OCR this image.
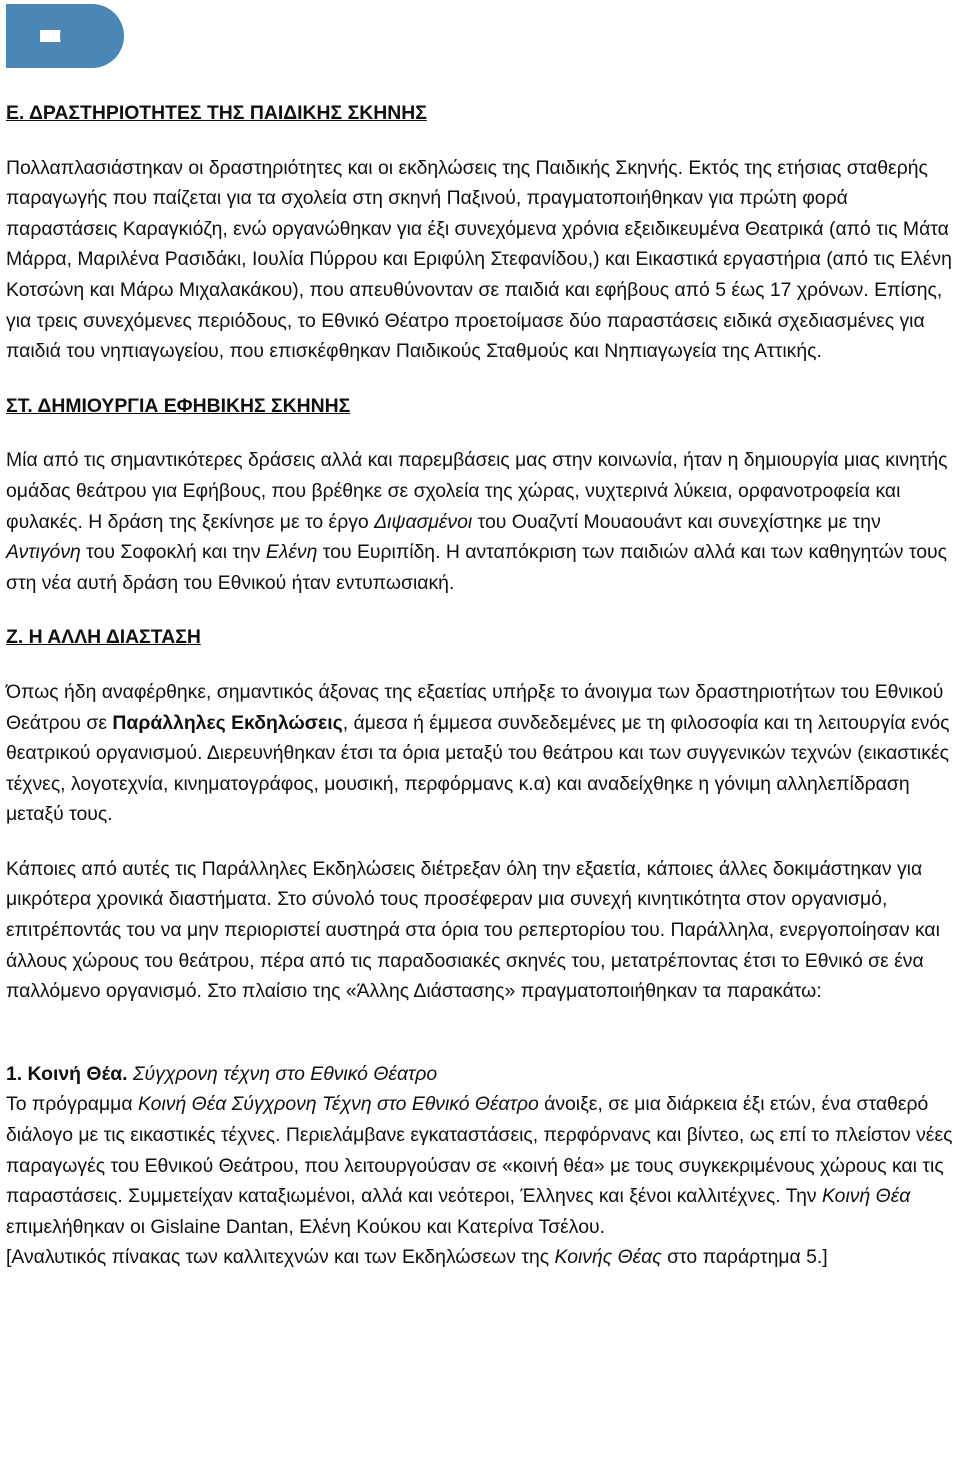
Ε. ΔΡΑΣΤΗΡΙΟΤΗΤΕΣ ΤΗΣ ΠΑΙΔΙΚΗΣ ΣΚΗΝΗΣ

Πολλαπλασιάστηκαν οι δραστηριότητες και οι εκδηλώσεις της Παιδικής Σκηνής. Εκτός της ετήσιας σταθερής παραγωγής που παίζεται για τα σχολεία στη σκηνή Παξινού, πραγματοποιήθηκαν για πρώτη φορά παραστάσεις Καραγκιόζη, ενώ οργανώθηκαν για έξι συνεχόμενα χρόνια εξειδικευμένα Θεατρικά (από τις Μάτα Μάρρα, Μαριλένα Ρασιδάκι, Ιουλία Πύρρου και Εριφύλη Στεφανίδου,) και Εικαστικά εργαστήρια (από τις Ελένη Κοτσώνη και Μάρω Μιχαλακάκου), που απευθύνονταν σε παιδιά και εφήβους από 5 έως 17 χρόνων. Επίσης, για τρεις συνεχόμενες περιόδους, το Εθνικό Θέατρο προετοίμασε δύο παραστάσεις ειδικά σχεδιασμένες για παιδιά του νηπιαγωγείου, που επισκέφθηκαν Παιδικούς Σταθμούς και Νηπιαγωγεία της Αττικής.

ΣΤ. ΔΗΜΙΟΥΡΓΙΑ ΕΦΗΒΙΚΗΣ ΣΚΗΝΗΣ

Μία από τις σημαντικότερες δράσεις αλλά και παρεμβάσεις μας στην κοινωνία, ήταν η δημιουργία μιας κινητής ομάδας θεάτρου για Εφήβους, που βρέθηκε σε σχολεία της χώρας, νυχτερινά λύκεια, ορφανοτροφεία και φυλακές. Η δράση της ξεκίνησε με το έργο Διψασμένοι του Ουαζντί Μουαουάντ και συνεχίστηκε με την Αντιγόνη του Σοφοκλή και την Ελένη του Ευριπίδη. Η ανταπόκριση των παιδιών αλλά και των καθηγητών τους στη νέα αυτή δράση του Εθνικού ήταν εντυπωσιακή.

Ζ. Η ΑΛΛΗ ΔΙΑΣΤΑΣΗ

Όπως ήδη αναφέρθηκε, σημαντικός άξονας της εξαετίας υπήρξε το άνοιγμα των δραστηριοτήτων του Εθνικού Θεάτρου σε Παράλληλες Εκδηλώσεις, άμεσα ή έμμεσα συνδεδεμένες με τη φιλοσοφία και τη λειτουργία ενός θεατρικού οργανισμού. Διερευνήθηκαν έτσι τα όρια μεταξύ του θεάτρου και των συγγενικών τεχνών (εικαστικές τέχνες, λογοτεχνία, κινηματογράφος, μουσική, περφόρμανς κ.α) και αναδείχθηκε η γόνιμη αλληλεπίδραση μεταξύ τους.

Κάποιες από αυτές τις Παράλληλες Εκδηλώσεις διέτρεξαν όλη την εξαετία, κάποιες άλλες δοκιμάστηκαν για μικρότερα χρονικά διαστήματα. Στο σύνολό τους προσέφεραν μια συνεχή κινητικότητα στον οργανισμό, επιτρέποντάς του να μην περιοριστεί αυστηρά στα όρια του ρεπερτορίου του. Παράλληλα, ενεργοποίησαν και άλλους χώρους του θεάτρου, πέρα από τις παραδοσιακές σκηνές του, μετατρέποντας έτσι το Εθνικό σε ένα παλλόμενο οργανισμό. Στο πλαίσιο της «Άλλης Διάστασης» πραγματοποιήθηκαν τα παρακάτω:

1. Κοινή Θέα. Σύγχρονη τέχνη στο Εθνικό Θέατρο

Το πρόγραμμα Κοινή Θέα Σύγχρονη Τέχνη στο Εθνικό Θέατρο άνοιξε, σε μια διάρκεια έξι ετών, ένα σταθερό διάλογο με τις εικαστικές τέχνες. Περιελάμβανε εγκαταστάσεις, περφόρνανς και βίντεο, ως επί το πλείστον νέες παραγωγές του Εθνικού Θεάτρου, που λειτουργούσαν σε «κοινή θέα» με τους συγκεκριμένους χώρους και τις παραστάσεις. Συμμετείχαν καταξιωμένοι, αλλά και νεότεροι, Έλληνες και ξένοι καλλιτέχνες. Την Κοινή Θέα επιμελήθηκαν οι Gislaine Dantan, Ελένη Κούκου και Κατερίνα Τσέλου.

[Αναλυτικός πίνακας των καλλιτεχνών και των Εκδηλώσεων της Κοινής Θέας στο παράρτημα 5.]
